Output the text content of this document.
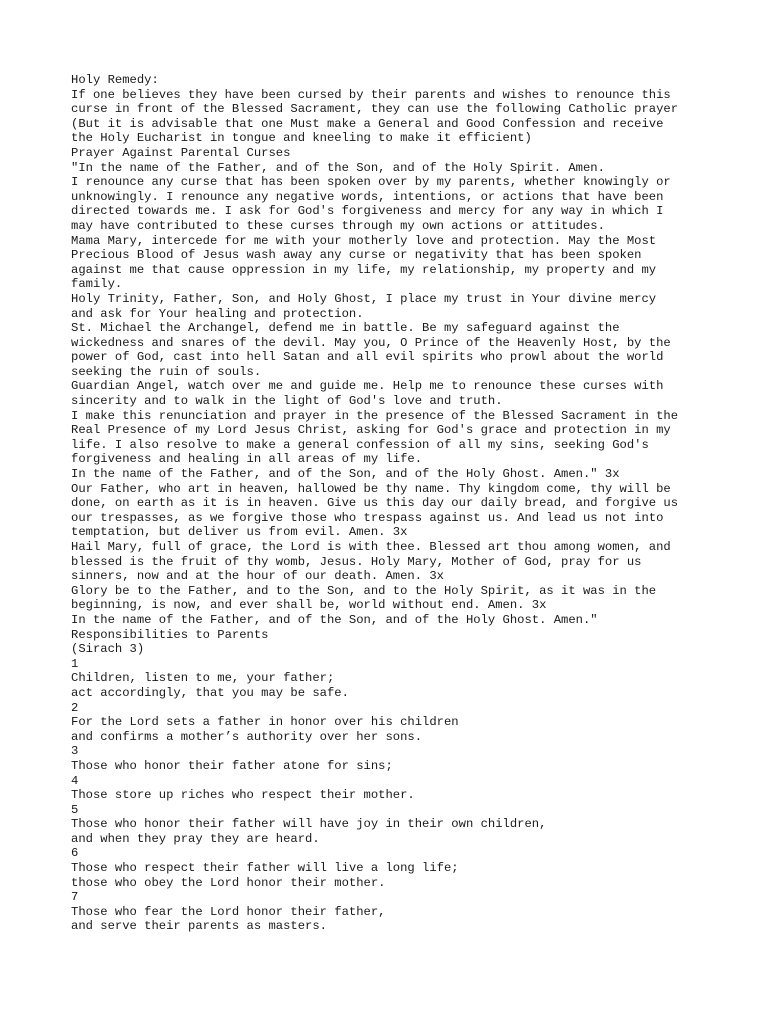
Holy Remedy:
If one believes they have been cursed by their parents and wishes to renounce this
curse in front of the Blessed Sacrament, they can use the following Catholic prayer
(But it is advisable that one Must make a General and Good Confession and receive
the Holy Eucharist in tongue and kneeling to make it efficient)
Prayer Against Parental Curses
"In the name of the Father, and of the Son, and of the Holy Spirit. Amen.
I renounce any curse that has been spoken over by my parents, whether knowingly or
unknowingly. I renounce any negative words, intentions, or actions that have been
directed towards me. I ask for God's forgiveness and mercy for any way in which I
may have contributed to these curses through my own actions or attitudes.
Mama Mary, intercede for me with your motherly love and protection. May the Most
Precious Blood of Jesus wash away any curse or negativity that has been spoken
against me that cause oppression in my life, my relationship, my property and my
family.
Holy Trinity, Father, Son, and Holy Ghost, I place my trust in Your divine mercy
and ask for Your healing and protection.
St. Michael the Archangel, defend me in battle. Be my safeguard against the
wickedness and snares of the devil. May you, O Prince of the Heavenly Host, by the
power of God, cast into hell Satan and all evil spirits who prowl about the world
seeking the ruin of souls.
Guardian Angel, watch over me and guide me. Help me to renounce these curses with
sincerity and to walk in the light of God's love and truth.
I make this renunciation and prayer in the presence of the Blessed Sacrament in the
Real Presence of my Lord Jesus Christ, asking for God's grace and protection in my
life. I also resolve to make a general confession of all my sins, seeking God's
forgiveness and healing in all areas of my life.
In the name of the Father, and of the Son, and of the Holy Ghost. Amen." 3x
Our Father, who art in heaven, hallowed be thy name. Thy kingdom come, thy will be
done, on earth as it is in heaven. Give us this day our daily bread, and forgive us
our trespasses, as we forgive those who trespass against us. And lead us not into
temptation, but deliver us from evil. Amen. 3x
Hail Mary, full of grace, the Lord is with thee. Blessed art thou among women, and
blessed is the fruit of thy womb, Jesus. Holy Mary, Mother of God, pray for us
sinners, now and at the hour of our death. Amen. 3x
Glory be to the Father, and to the Son, and to the Holy Spirit, as it was in the
beginning, is now, and ever shall be, world without end. Amen. 3x
In the name of the Father, and of the Son, and of the Holy Ghost. Amen."
Responsibilities to Parents
(Sirach 3)
1
Children, listen to me, your father;
act accordingly, that you may be safe.
2
For the Lord sets a father in honor over his children
and confirms a mother’s authority over her sons.
3
Those who honor their father atone for sins;
4
Those store up riches who respect their mother.
5
Those who honor their father will have joy in their own children,
and when they pray they are heard.
6
Those who respect their father will live a long life;
those who obey the Lord honor their mother.
7
Those who fear the Lord honor their father,
and serve their parents as masters.
